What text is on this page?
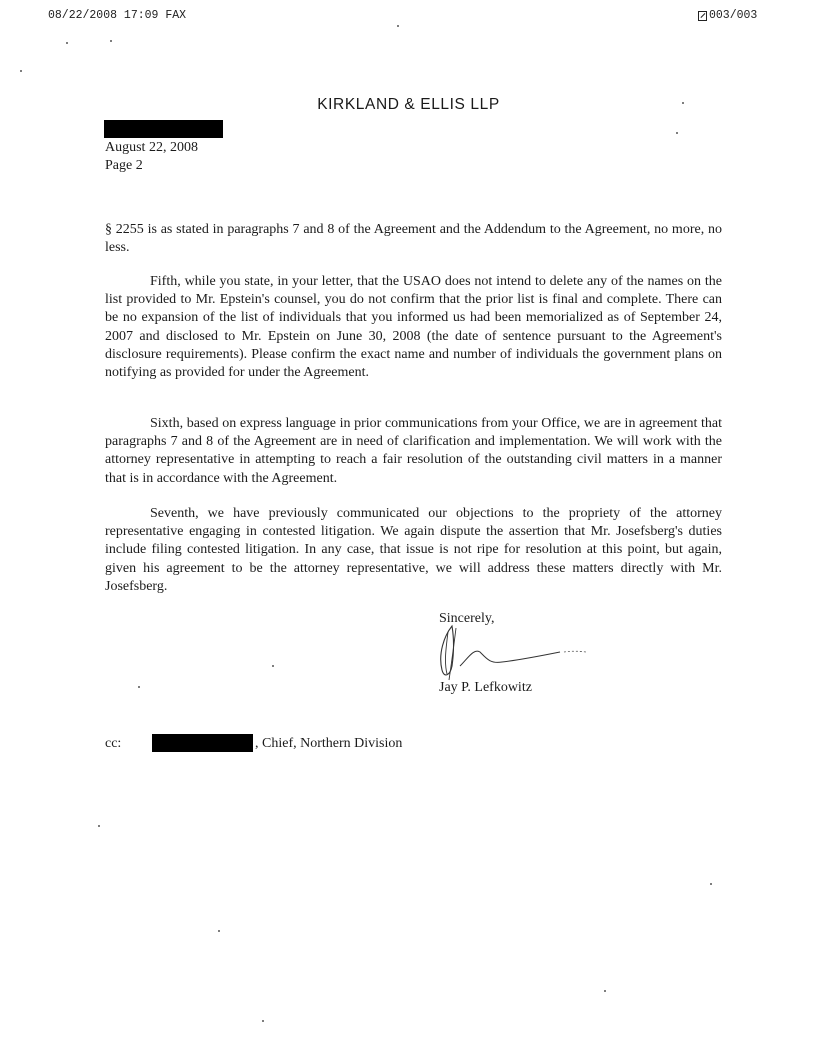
08/22/2008 17:09 FAX	003/003
KIRKLAND & ELLIS LLP
August 22, 2008
Page 2

§ 2255 is as stated in paragraphs 7 and 8 of the Agreement and the Addendum to the Agreement, no more, no less.

Fifth, while you state, in your letter, that the USAO does not intend to delete any of the names on the list provided to Mr. Epstein's counsel, you do not confirm that the prior list is final and complete. There can be no expansion of the list of individuals that you informed us had been memorialized as of September 24, 2007 and disclosed to Mr. Epstein on June 30, 2008 (the date of sentence pursuant to the Agreement's disclosure requirements). Please confirm the exact name and number of individuals the government plans on notifying as provided for under the Agreement.

Sixth, based on express language in prior communications from your Office, we are in agreement that paragraphs 7 and 8 of the Agreement are in need of clarification and implementation. We will work with the attorney representative in attempting to reach a fair resolution of the outstanding civil matters in a manner that is in accordance with the Agreement.

Seventh, we have previously communicated our objections to the propriety of the attorney representative engaging in contested litigation. We again dispute the assertion that Mr. Josefsberg's duties include filing contested litigation. In any case, that issue is not ripe for resolution at this point, but again, given his agreement to be the attorney representative, we will address these matters directly with Mr. Josefsberg.

Sincerely,
Jay P. Lefkowitz
cc:	, Chief, Northern Division
